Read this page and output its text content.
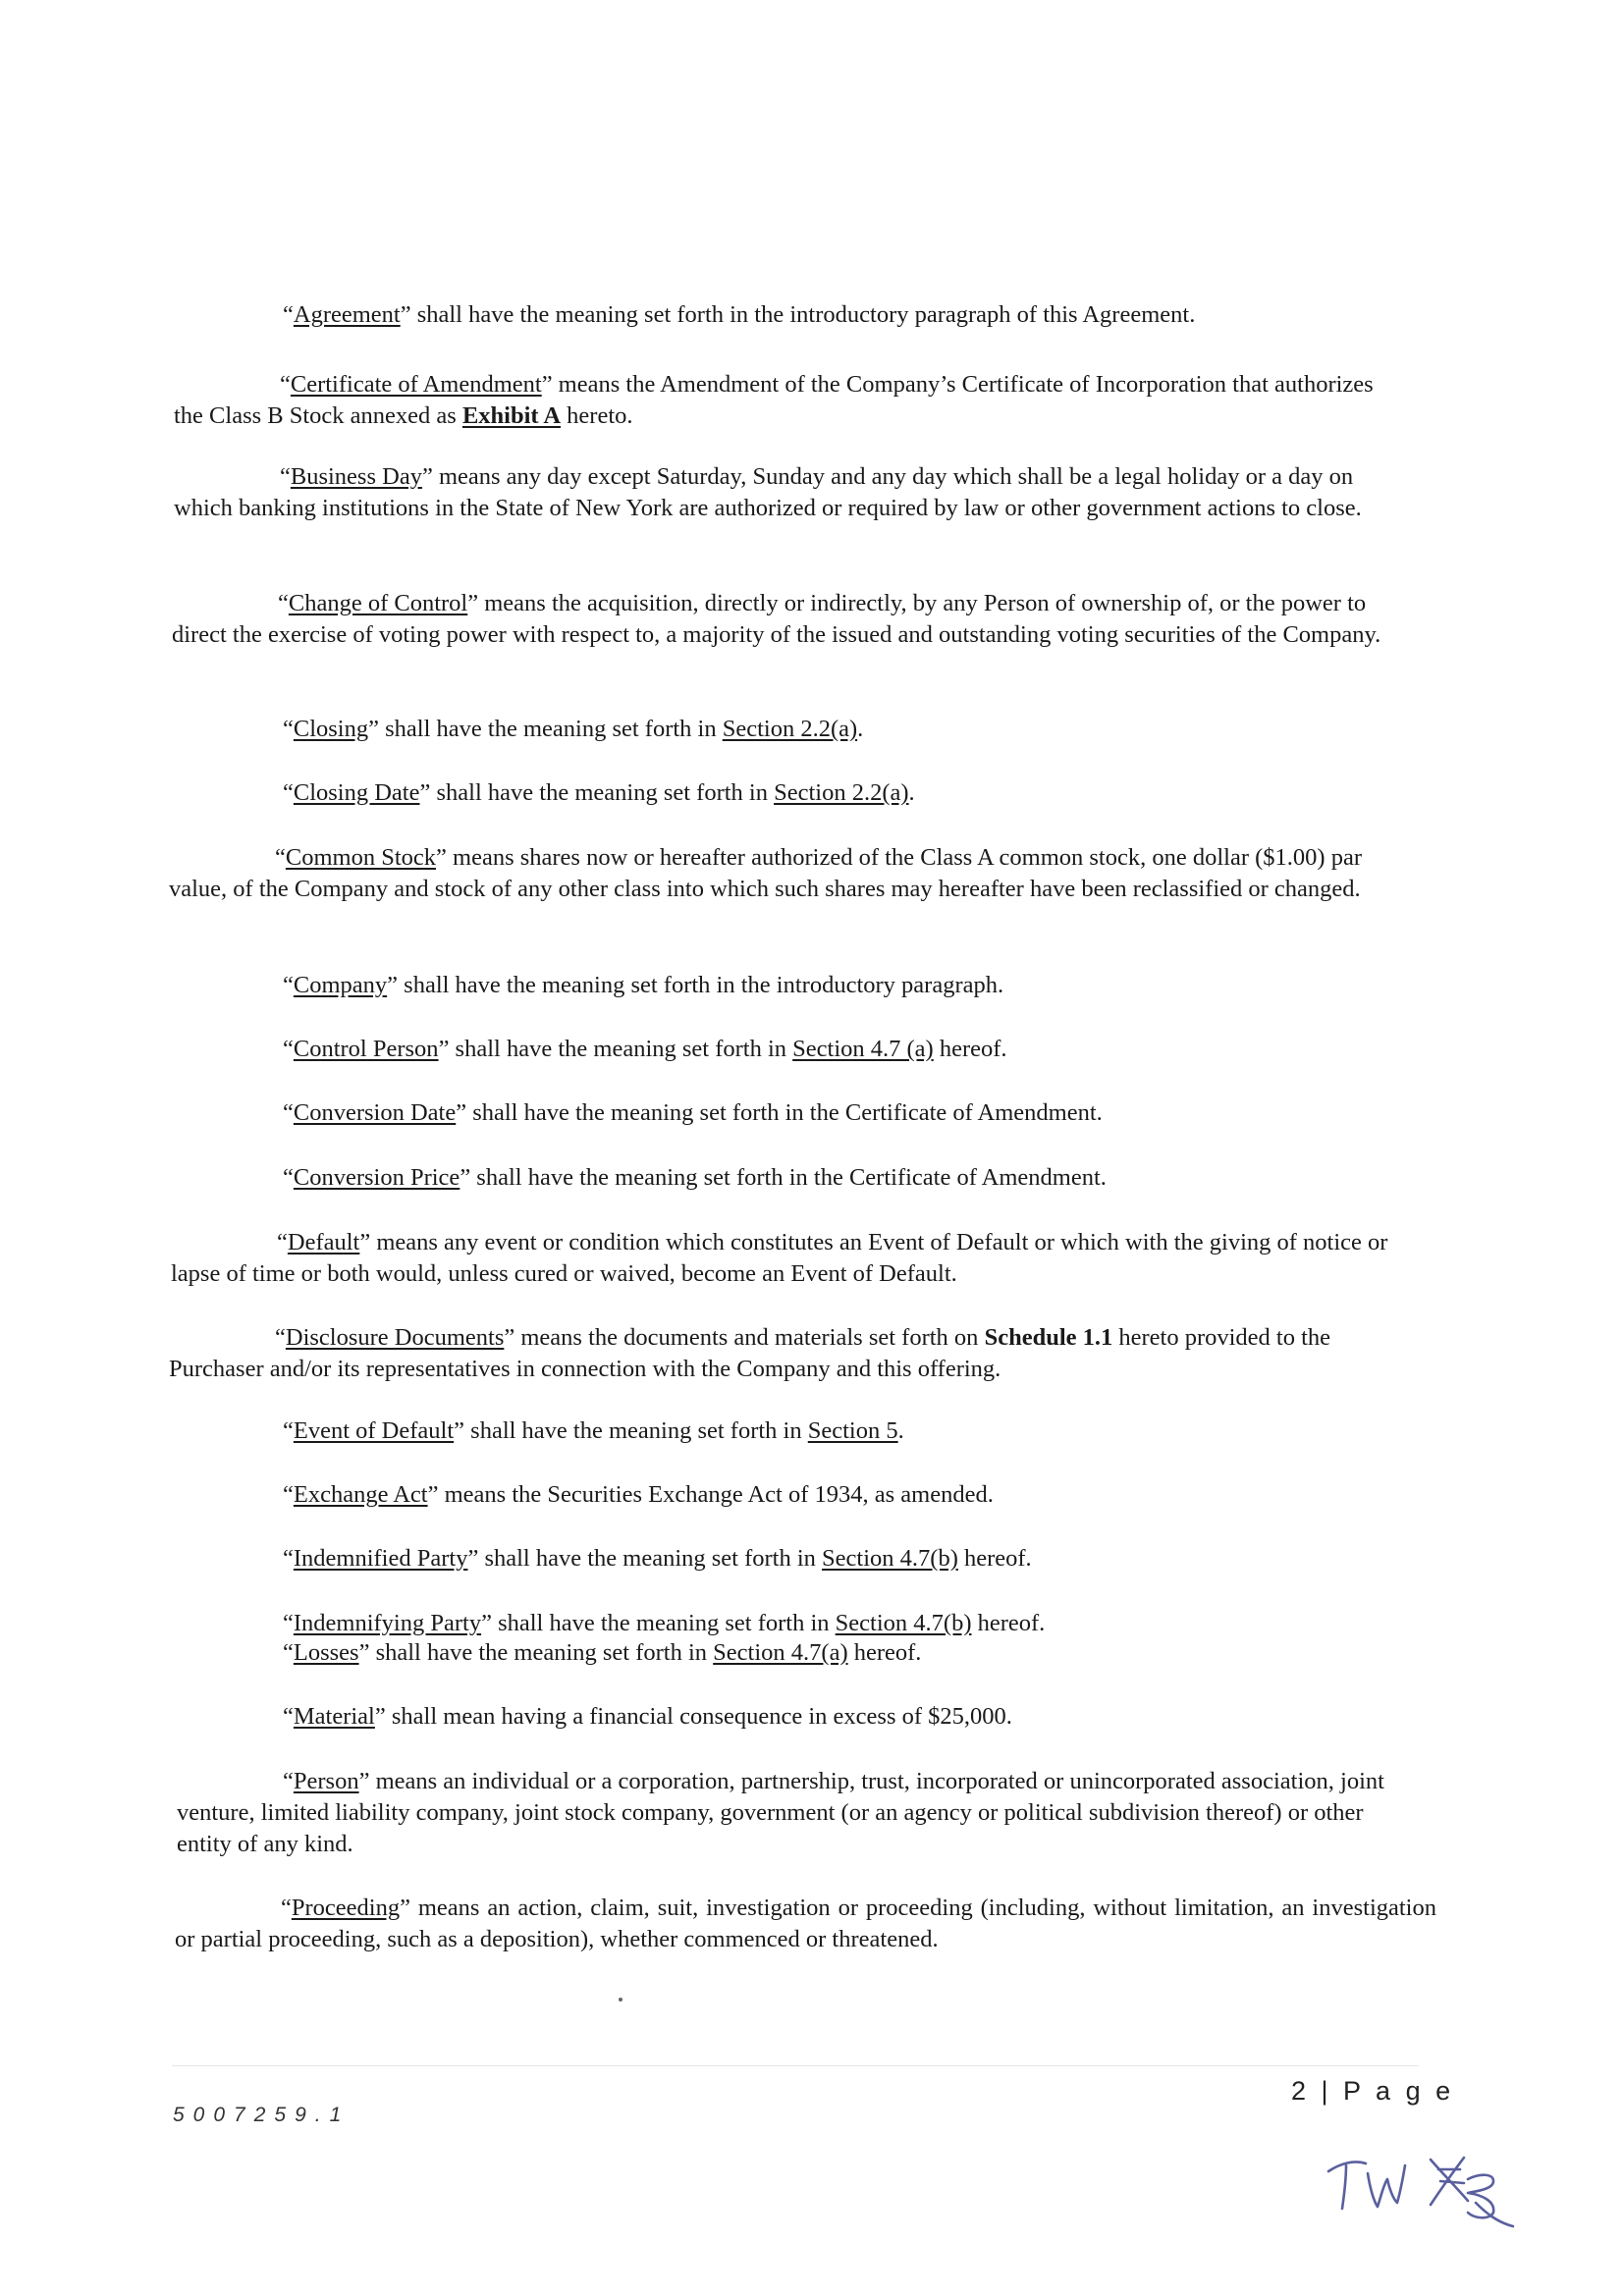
“Agreement” shall have the meaning set forth in the introductory paragraph of this Agreement.

“Certificate of Amendment” means the Amendment of the Company’s Certificate of Incorporation that authorizes the Class B Stock annexed as Exhibit A hereto.

“Business Day” means any day except Saturday, Sunday and any day which shall be a legal holiday or a day on which banking institutions in the State of New York are authorized or required by law or other government actions to close.

“Change of Control” means the acquisition, directly or indirectly, by any Person of ownership of, or the power to direct the exercise of voting power with respect to, a majority of the issued and outstanding voting securities of the Company.

“Closing” shall have the meaning set forth in Section 2.2(a).

“Closing Date” shall have the meaning set forth in Section 2.2(a).

“Common Stock” means shares now or hereafter authorized of the Class A common stock, one dollar ($1.00) par value, of the Company and stock of any other class into which such shares may hereafter have been reclassified or changed.

“Company” shall have the meaning set forth in the introductory paragraph.

“Control Person” shall have the meaning set forth in Section 4.7 (a) hereof.

“Conversion Date” shall have the meaning set forth in the Certificate of Amendment.

“Conversion Price” shall have the meaning set forth in the Certificate of Amendment.

“Default” means any event or condition which constitutes an Event of Default or which with the giving of notice or lapse of time or both would, unless cured or waived, become an Event of Default.

“Disclosure Documents” means the documents and materials set forth on Schedule 1.1 hereto provided to the Purchaser and/or its representatives in connection with the Company and this offering.

“Event of Default” shall have the meaning set forth in Section 5.

“Exchange Act” means the Securities Exchange Act of 1934, as amended.

“Indemnified Party” shall have the meaning set forth in Section 4.7(b) hereof.

“Indemnifying Party” shall have the meaning set forth in Section 4.7(b) hereof.

“Losses” shall have the meaning set forth in Section 4.7(a) hereof.

“Material” shall mean having a financial consequence in excess of $25,000.

“Person” means an individual or a corporation, partnership, trust, incorporated or unincorporated association, joint venture, limited liability company, joint stock company, government (or an agency or political subdivision thereof) or other entity of any kind.

“Proceeding” means an action, claim, suit, investigation or proceeding (including, without limitation, an investigation or partial proceeding, such as a deposition), whether commenced or threatened.

2 | P a g e
5007259.1
